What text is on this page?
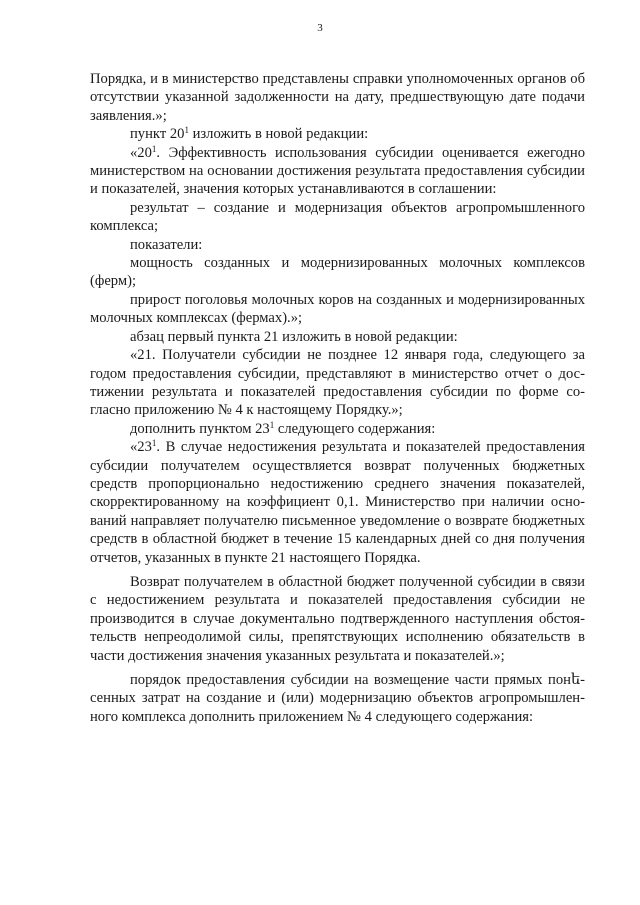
3

Порядка, и в министерство представлены справки уполномоченных органов об отсутствии указанной задолженности на дату, предшествующую дате подачи заявления.»;

пункт $20^1$ изложить в новой редакции:

«$20^1$. Эффективность использования субсидии оценивается ежегодно министерством на основании достижения результата предоставления субсидии и показателей, значения которых устанавливаются в соглашении:

результат – создание и модернизация объектов агропромышленного комплекса;

показатели:

мощность созданных и модернизированных молочных комплексов (ферм);

прирост поголовья молочных коров на созданных и модернизированных молочных комплексах (фермах).»;

абзац первый пункта 21 изложить в новой редакции:

«21. Получатели субсидии не позднее 12 января года, следующего за годом предоставления субсидии, представляют в министерство отчет о достижении результата и показателей предоставления субсидии по форме согласно приложению № 4 к настоящему Порядку.»;

дополнить пунктом $23^1$ следующего содержания:

«$23^1$. В случае недостижения результата и показателей предоставления субсидии получателем осуществляется возврат полученных бюджетных средств пропорционально недостижению среднего значения показателей, скорректированному на коэффициент 0,1. Министерство при наличии оснований направляет получателю письменное уведомление о возврате бюджетных средств в областной бюджет в течение 15 календарных дней со дня получения отчетов, указанных в пункте 21 настоящего Порядка.

Возврат получателем в областной бюджет полученной субсидии в связи с недостижением результата и показателей предоставления субсидии не производится в случае документально подтвержденного наступления обстоятельств непреодолимой силы, препятствующих исполнению обязательств в части достижения значения указанных результата и показателей.»;

порядок предоставления субсидии на возмещение части прямых понեсенных затрат на создание и (или) модернизацию объектов агропромышленного комплекса дополнить приложением № 4 следующего содержания:
